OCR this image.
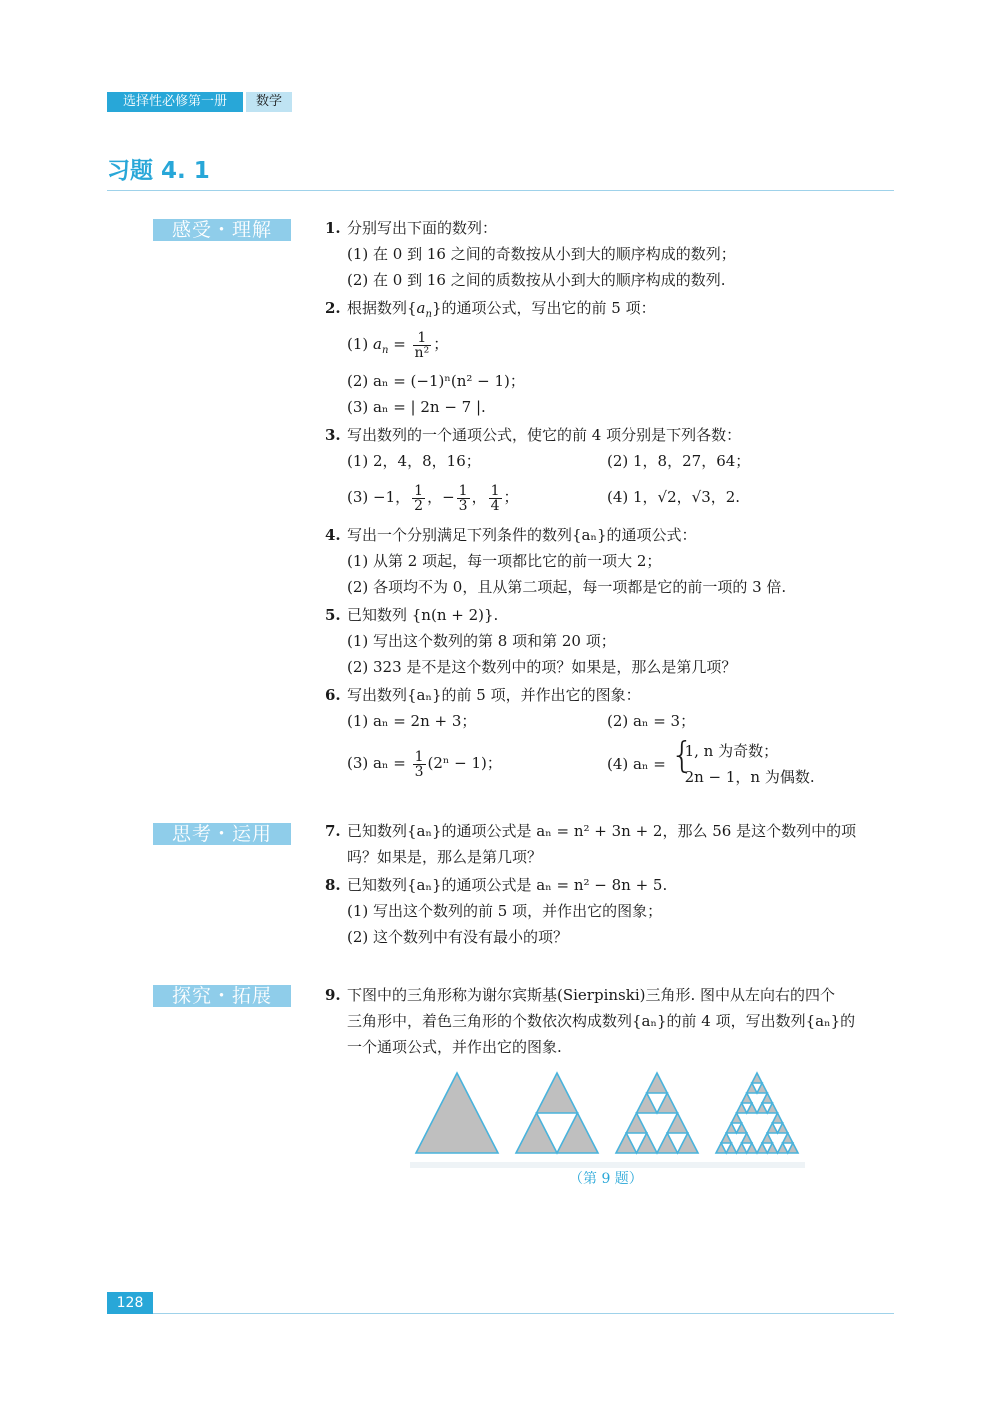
选择性必修第一册	数学
习题 4. 1
感受・理解
思考・运用
探究・拓展
1. 分别写出下面的数列：
(1) 在 0 到 16 之间的奇数按从小到大的顺序构成的数列；
(2) 在 0 到 16 之间的质数按从小到大的顺序构成的数列.
2. 根据数列$\{a_n\}$的通项公式，写出它的前 5 项：
(1) $a_n = \frac{1}{\text{n²}}$ ；
(2) aₙ = (−1)ⁿ(n² − 1)；
(3) aₙ = | 2n − 7 |.
3. 写出数列的一个通项公式，使它的前 4 项分别是下列各数：
(1) 2，4，8，16；	(2) 1，8，27，64；
(3) −1， $\frac{1}{2}$ ，− $\frac{1}{3}$ ， $\frac{1}{4}$ ；	(4) 1，√2，√3，2.
4. 写出一个分别满足下列条件的数列{aₙ}的通项公式：
(1) 从第 2 项起，每一项都比它的前一项大 2；
(2) 各项均不为 0，且从第二项起，每一项都是它的前一项的 3 倍.
5. 已知数列 {n(n + 2)}.
(1) 写出这个数列的第 8 项和第 20 项；
(2) 323 是不是这个数列中的项？如果是，那么是第几项？
6. 写出数列{aₙ}的前 5 项，并作出它的图象：
(1) aₙ = 2n + 3；	(2) aₙ = 3；
(3) $a_n = \frac{1}{3} (2^n - 1)$；	(4) aₙ = {
1, n 为奇数；
2n − 1，n 为偶数.
7. 已知数列{aₙ}的通项公式是 aₙ = n² + 3n + 2，那么 56 是这个数列中的项
吗？如果是，那么是第几项？
8. 已知数列{aₙ}的通项公式是 aₙ = n² − 8n + 5.
(1) 写出这个数列的前 5 项，并作出它的图象；
(2) 这个数列中有没有最小的项？
9. 下图中的三角形称为谢尔宾斯基(Sierpinski)三角形. 图中从左向右的四个
三角形中，着色三角形的个数依次构成数列{aₙ}的前 4 项，写出数列{aₙ}的
一个通项公式，并作出它的图象.
（第 9 题）
128
